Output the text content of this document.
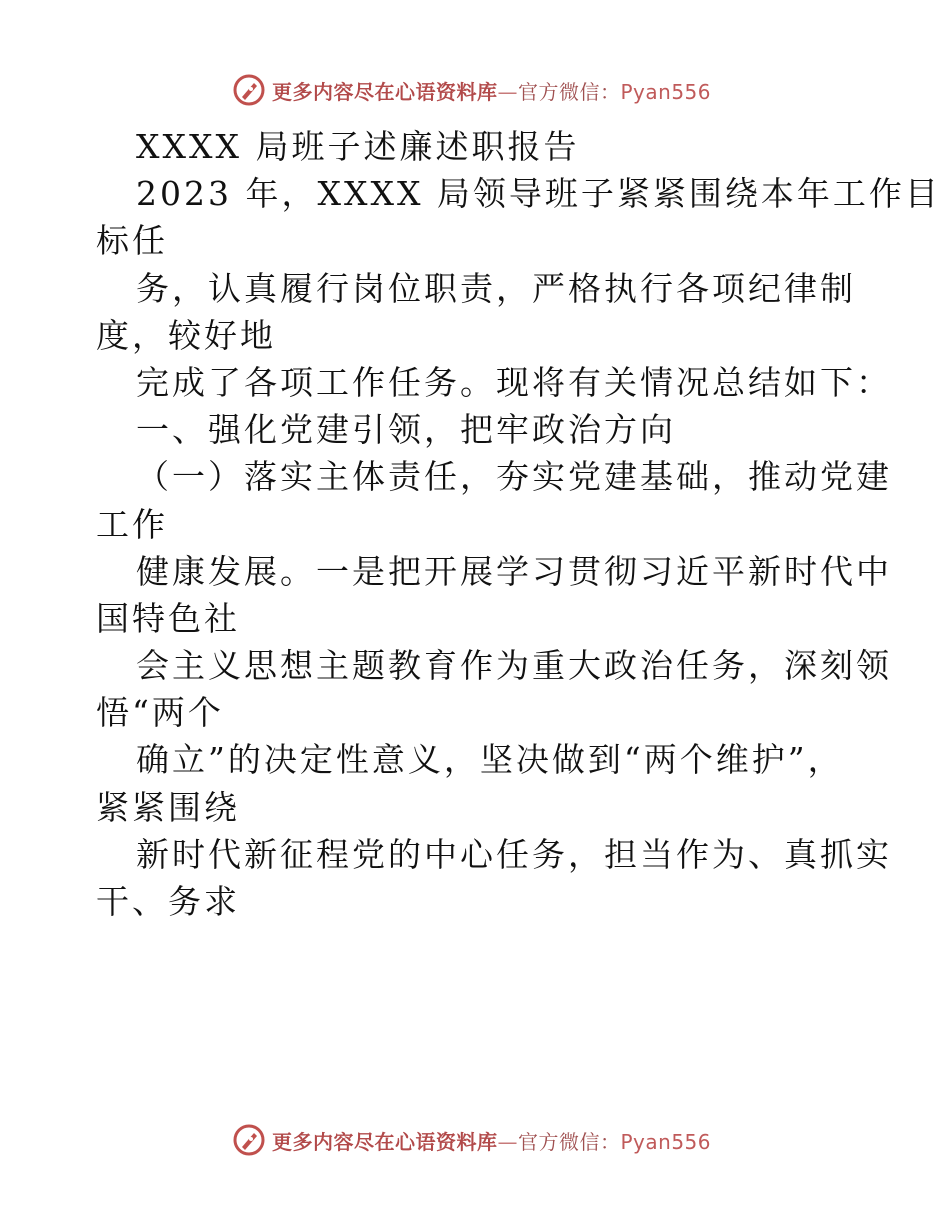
更多内容尽在心语资料库—官方微信：Pyan556
XXXX 局班子述廉述职报告
2023 年，XXXX 局领导班子紧紧围绕本年工作目
标任
务，认真履行岗位职责，严格执行各项纪律制
度，较好地
完成了各项工作任务。现将有关情况总结如下：
一、强化党建引领，把牢政治方向
（一）落实主体责任，夯实党建基础，推动党建
工作
健康发展。一是把开展学习贯彻习近平新时代中
国特色社
会主义思想主题教育作为重大政治任务，深刻领
悟“两个
确立”的决定性意义，坚决做到“两个维护”，
紧紧围绕
新时代新征程党的中心任务，担当作为、真抓实
干、务求
更多内容尽在心语资料库—官方微信：Pyan556
